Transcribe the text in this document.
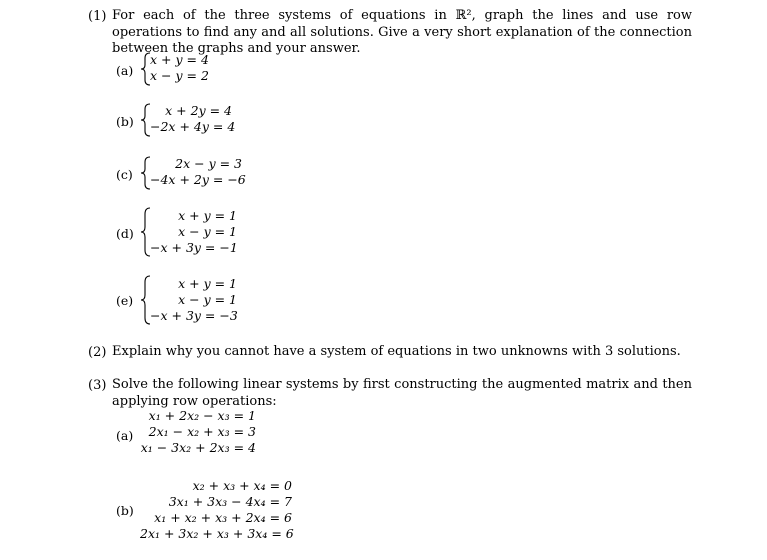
(1) For each of the three systems of equations in ℝ², graph the lines and use row operations to find any and all solutions. Give a very short explanation of the connection between the graphs and your answer.
(a)
x + y = 4
x − y = 2
(b)
x + 2y = 4
−2x + 4y = 4
(c)
2x − y = 3
−4x + 2y = −6
(d)
x + y = 1
x − y = 1
−x + 3y = −1
(e)
x + y = 1
x − y = 1
−x + 3y = −3
(2) Explain why you cannot have a system of equations in two unknowns with 3 solutions.
(3) Solve the following linear systems by first constructing the augmented matrix and then applying row operations:
(a)
x₁ + 2x₂ − x₃ = 1
2x₁ − x₂ + x₃ = 3
x₁ − 3x₂ + 2x₃ = 4
(b)
x₂ + x₃ + x₄ = 0
3x₁ + 3x₃ − 4x₄ = 7
x₁ + x₂ + x₃ + 2x₄ = 6
2x₁ + 3x₂ + x₃ + 3x₄ = 6
